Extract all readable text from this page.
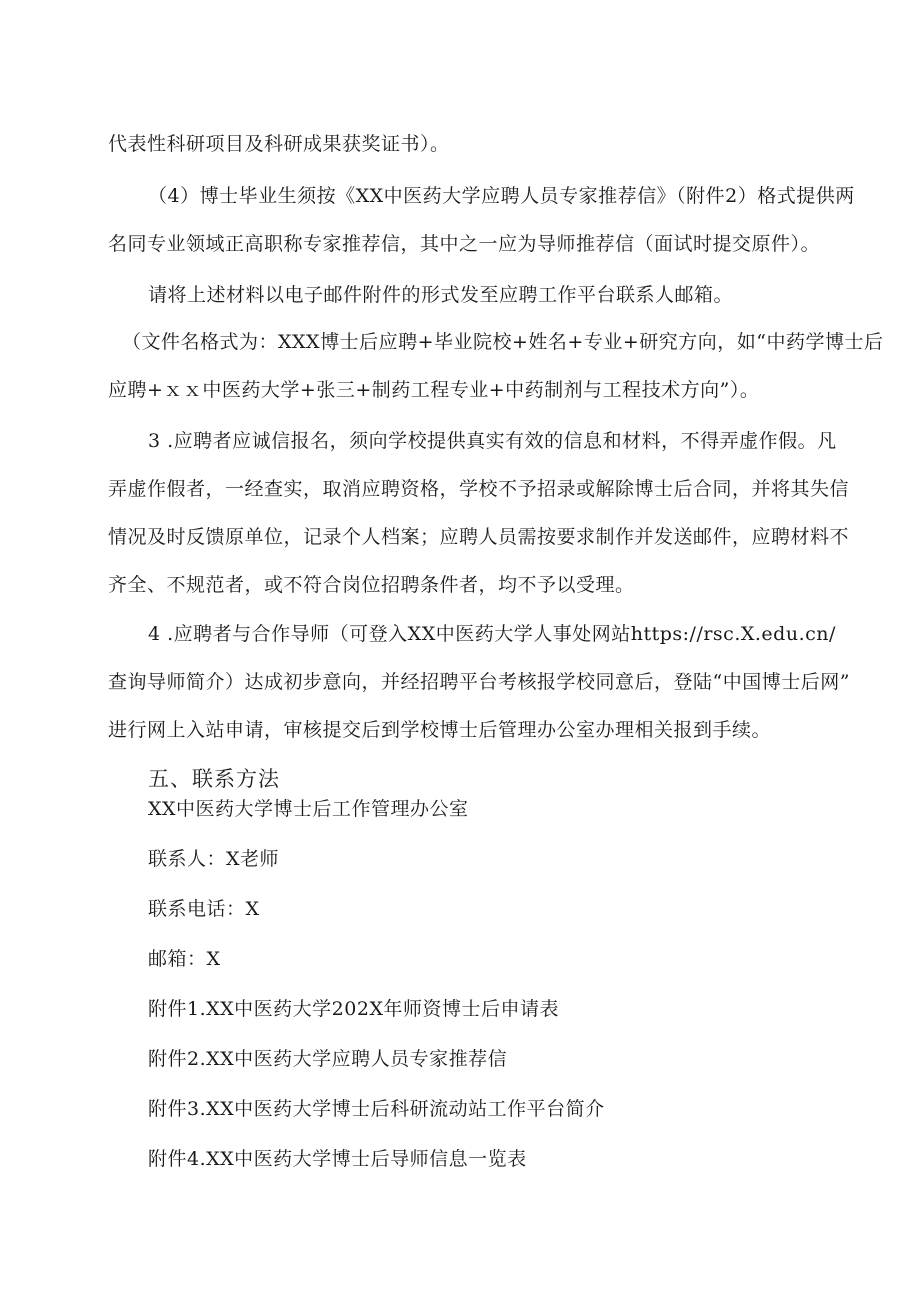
代表性科研项目及科研成果获奖证书）。
（4）博士毕业生须按《XX中医药大学应聘人员专家推荐信》（附件2）格式提供两
名同专业领域正高职称专家推荐信，其中之一应为导师推荐信（面试时提交原件）。
请将上述材料以电子邮件附件的形式发至应聘工作平台联系人邮箱。
（文件名格式为：XXX博士后应聘+毕业院校+姓名+专业+研究方向，如“中药学博士后
应聘+ｘｘ中医药大学+张三+制药工程专业+中药制剂与工程技术方向”）。
3 .应聘者应诚信报名，须向学校提供真实有效的信息和材料，不得弄虚作假。凡
弄虚作假者，一经查实，取消应聘资格，学校不予招录或解除博士后合同，并将其失信
情况及时反馈原单位，记录个人档案；应聘人员需按要求制作并发送邮件，应聘材料不
齐全、不规范者，或不符合岗位招聘条件者，均不予以受理。
4 .应聘者与合作导师（可登入XX中医药大学人事处网站https://rsc.X.edu.cn/
查询导师简介）达成初步意向，并经招聘平台考核报学校同意后，登陆“中国博士后网”
进行网上入站申请，审核提交后到学校博士后管理办公室办理相关报到手续。
五、联系方法
XX中医药大学博士后工作管理办公室
联系人：X老师
联系电话：X
邮箱：X
附件1.XX中医药大学202X年师资博士后申请表
附件2.XX中医药大学应聘人员专家推荐信
附件3.XX中医药大学博士后科研流动站工作平台简介
附件4.XX中医药大学博士后导师信息一览表
